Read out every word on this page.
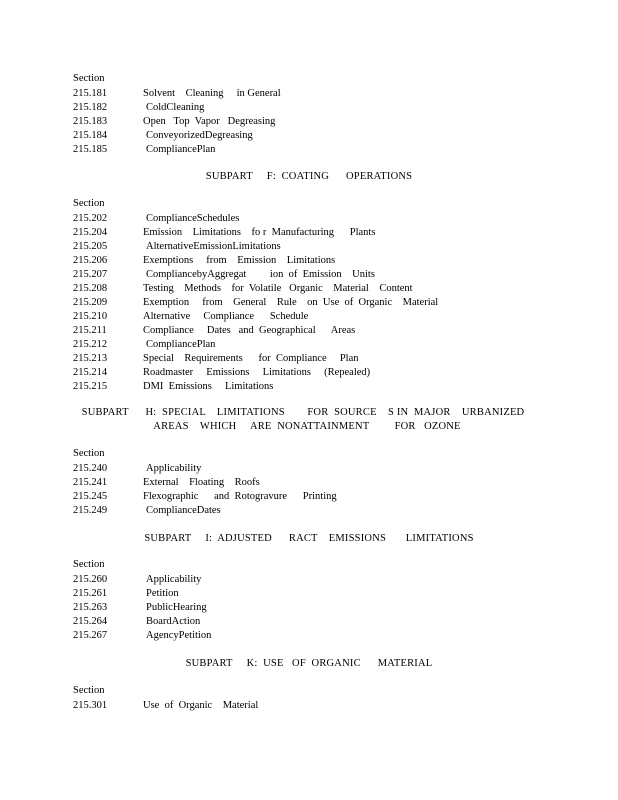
Section
215.181	Solvent    Cleaning     in General
215.182	ColdCleaning
215.183	Open   Top  Vapor   Degreasing
215.184	ConveyorizedDegreasing
215.185	CompliancePlan
SUBPART     F:  COATING      OPERATIONS
Section
215.202	ComplianceSchedules
215.204	Emission    Limitations    fo r  Manufacturing      Plants
215.205	AlternativeEmissionLimitations
215.206	Exemptions     from    Emission    Limitations
215.207	CompliancebyAggregat         ion  of  Emission    Units
215.208	Testing    Methods    for  Volatile   Organic    Material    Content
215.209	Exemption     from    General    Rule    on  Use  of  Organic    Material
215.210	Alternative     Compliance      Schedule
215.211	Compliance     Dates   and  Geographical      Areas
215.212	CompliancePlan
215.213	Special    Requirements      for  Compliance     Plan
215.214	Roadmaster     Emissions     Limitations     (Repealed)
215.215	DMI  Emissions     Limitations
SUBPART      H:  SPECIAL    LIMITATIONS        FOR  SOURCE    S IN  MAJOR    URBANIZED
AREAS    WHICH     ARE  NONATTAINMENT         FOR   OZONE
Section
215.240	Applicability
215.241	External    Floating    Roofs
215.245	Flexographic      and  Rotogravure      Printing
215.249	ComplianceDates
SUBPART     I:  ADJUSTED      RACT    EMISSIONS       LIMITATIONS
Section
215.260	Applicability
215.261	Petition
215.263	PublicHearing
215.264	BoardAction
215.267	AgencyPetition
SUBPART     K:  USE   OF  ORGANIC      MATERIAL
Section
215.301	Use  of  Organic    Material
